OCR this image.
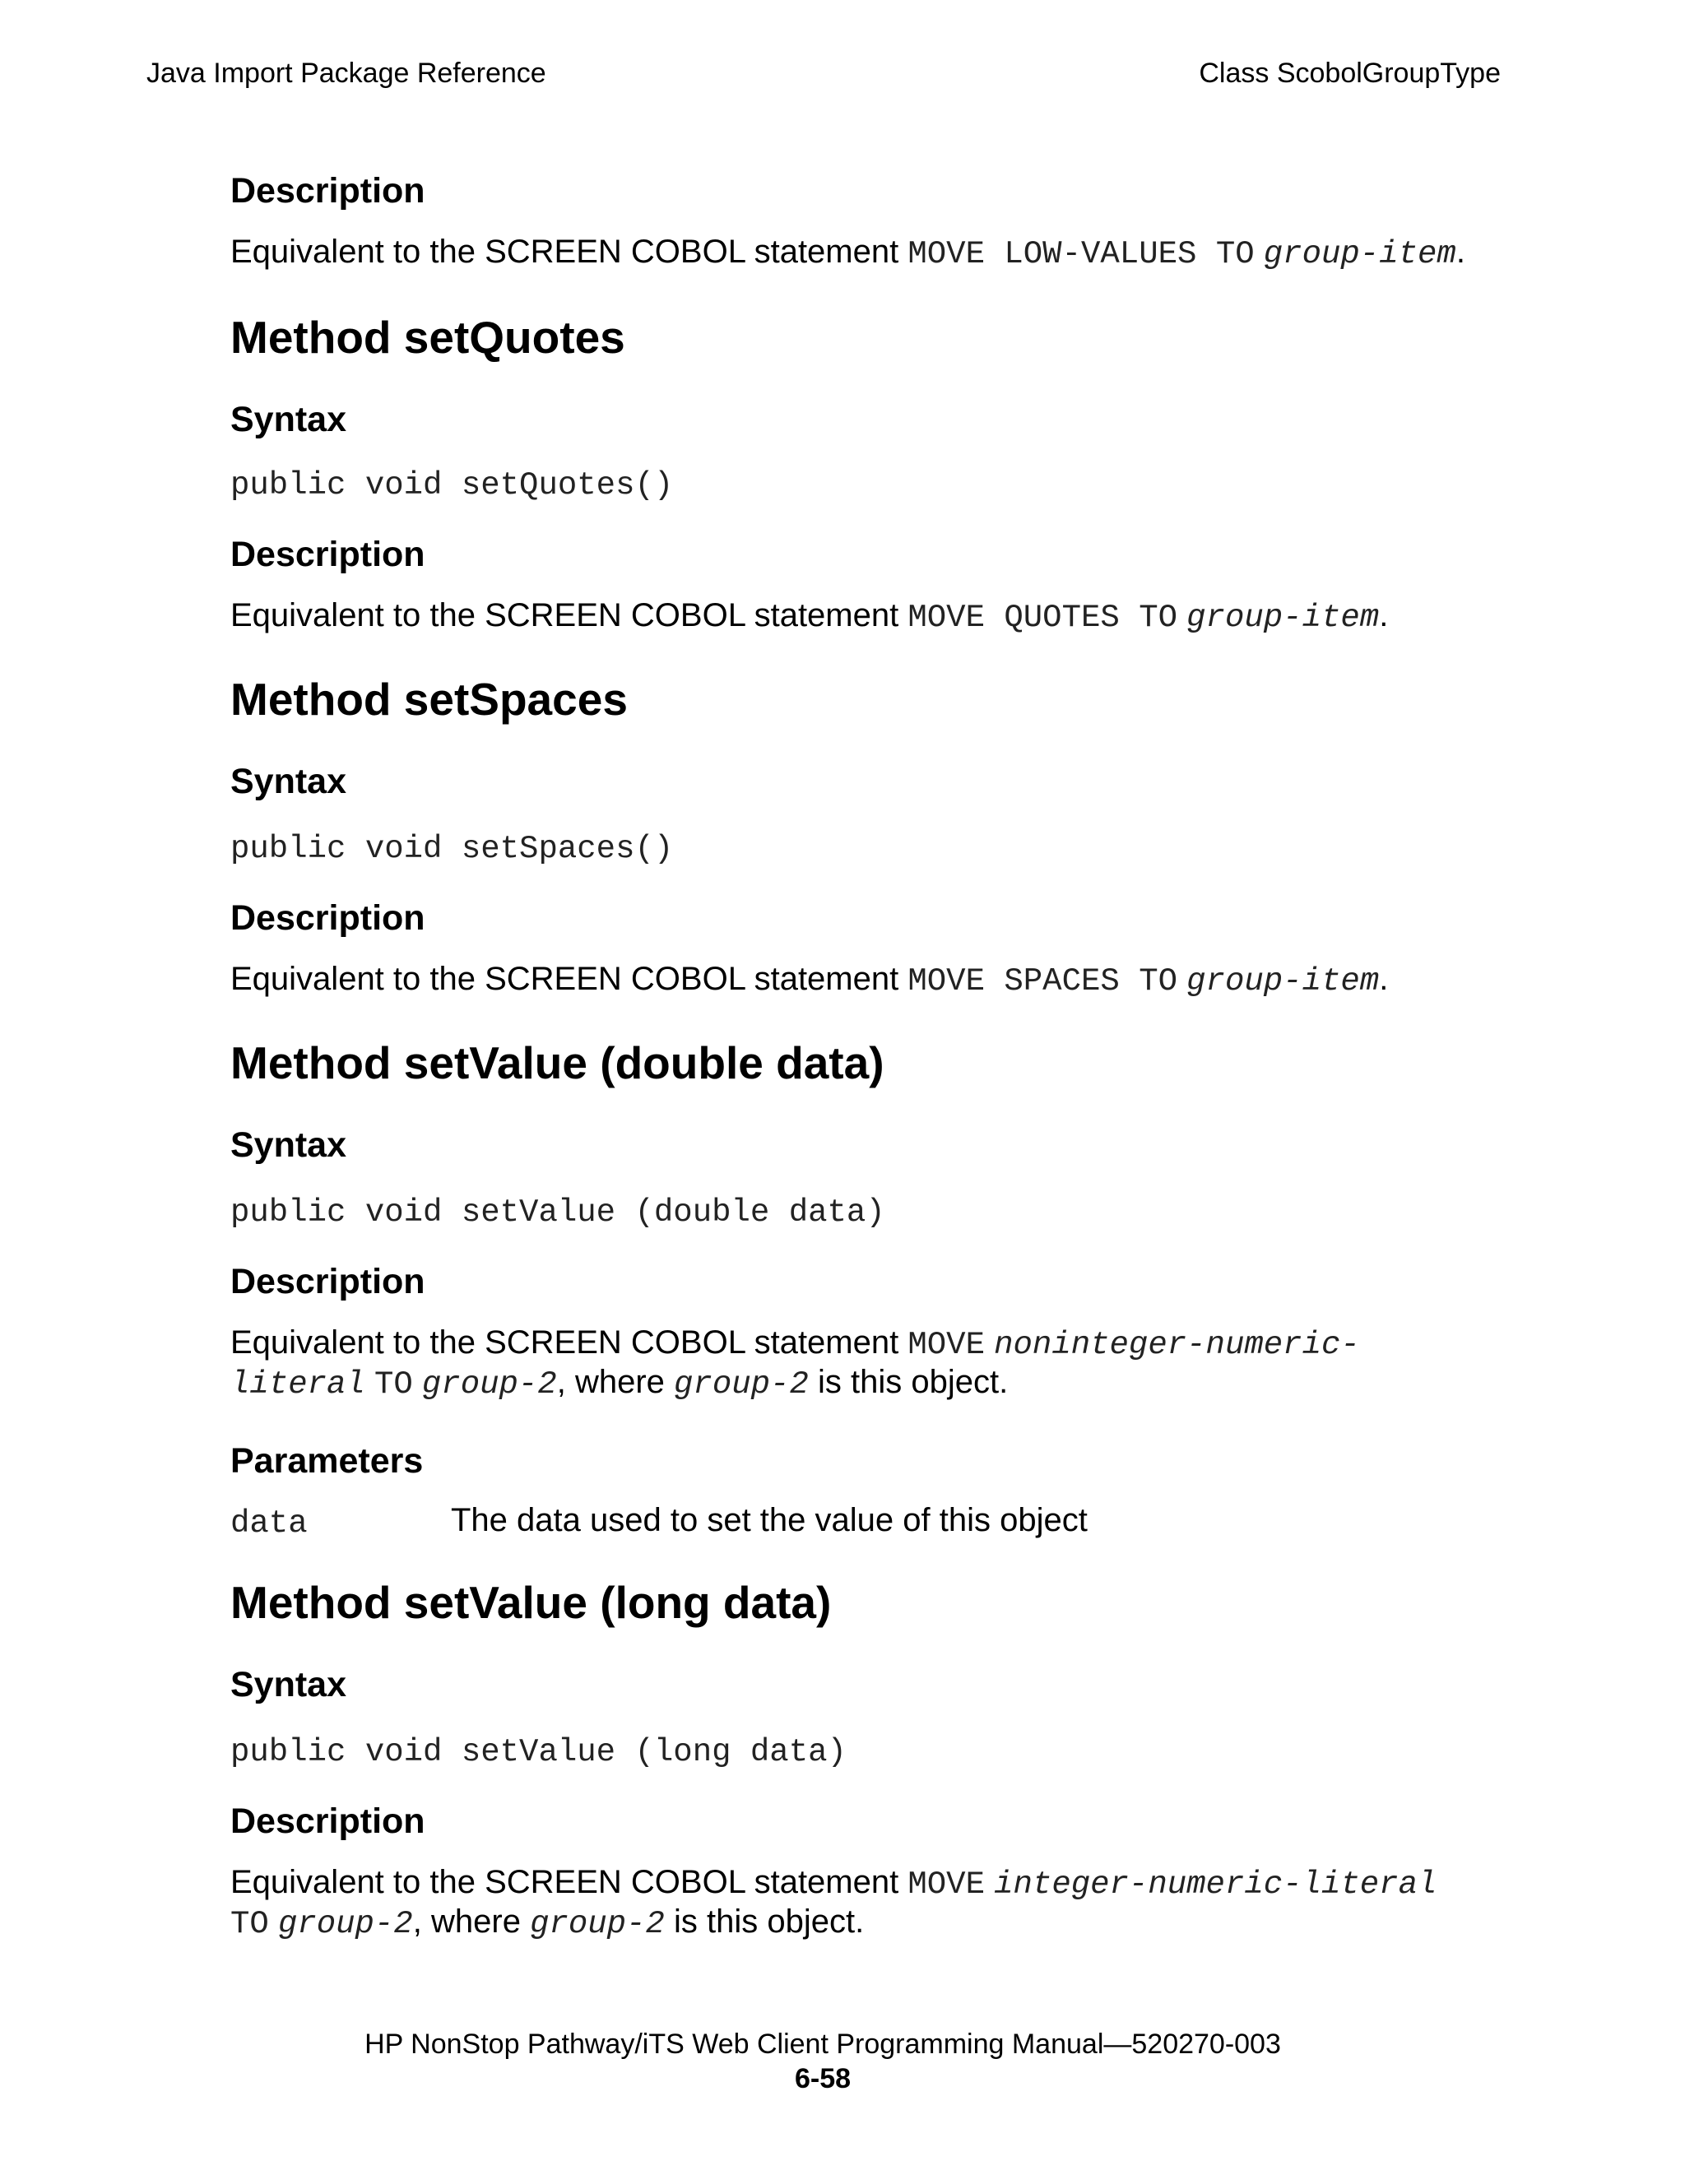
Java Import Package Reference	Class ScobolGroupType
Description
Equivalent to the SCREEN COBOL statement MOVE LOW-VALUES TO group-item.
Method setQuotes
Syntax
public void setQuotes()
Description
Equivalent to the SCREEN COBOL statement MOVE QUOTES TO group-item.
Method setSpaces
Syntax
public void setSpaces()
Description
Equivalent to the SCREEN COBOL statement MOVE SPACES TO group-item.
Method setValue (double data)
Syntax
public void setValue (double data)
Description
Equivalent to the SCREEN COBOL statement MOVE noninteger-numeric-
literal TO group-2, where group-2 is this object.
Parameters
data	The data used to set the value of this object
Method setValue (long data)
Syntax
public void setValue (long data)
Description
Equivalent to the SCREEN COBOL statement MOVE integer-numeric-literal
TO group-2, where group-2 is this object.
HP NonStop Pathway/iTS Web Client Programming Manual—520270-003
6-58
